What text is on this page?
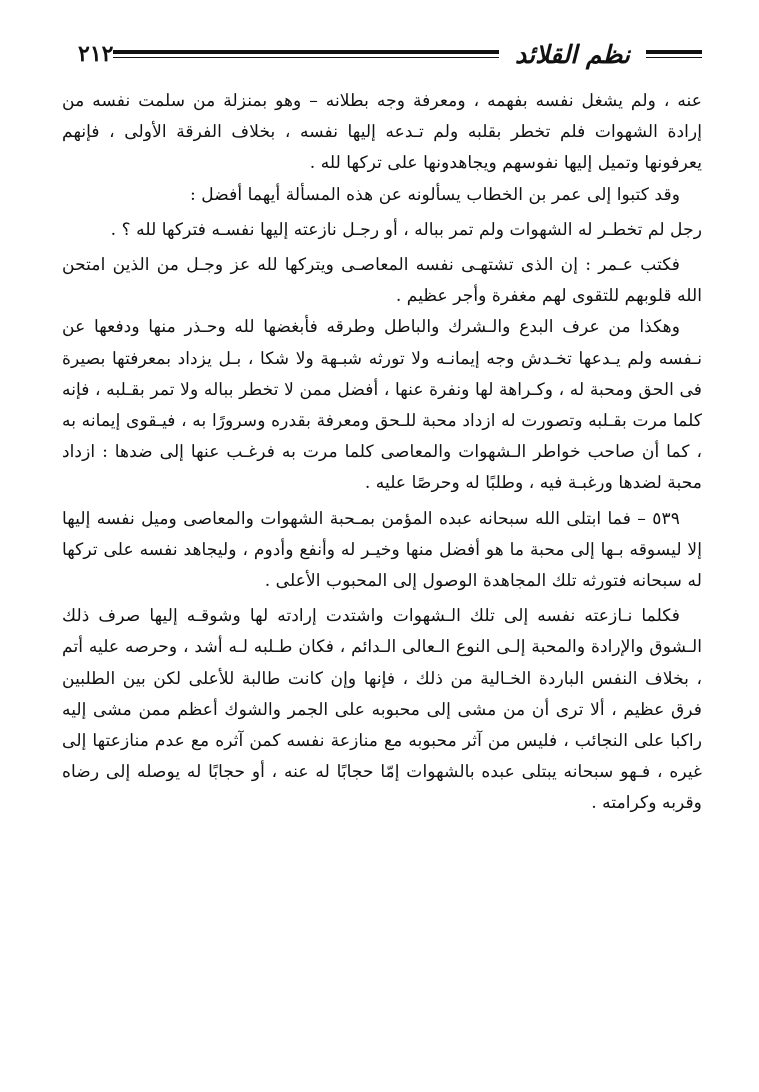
نظم القلائد
٢١٢

عنه ، ولم يشغل نفسه بفهمه ، ومعرفة وجه بطلانه – وهو بمنزلة من سلمت نفسه من إرادة الشهوات فلم تخطر بقلبه ولم تـدعه إليها نفسه ، بخلاف الفرقة الأولى ، فإنهم يعرفونها وتميل إليها نفوسهم ويجاهدونها على تركها لله .

وقد كتبوا إلى عمر بن الخطاب يسألونه عن هذه المسألة أيهما أفضل :

رجل لم تخطـر له الشهوات ولم تمر بباله ، أو رجـل نازعته إليها نفسـه فتركها لله ؟ .

فكتب عـمر : إن الذى تشتهـى نفسه المعاصـى ويتركها لله عز وجـل من الذين امتحن الله قلوبهم للتقوى لهم مغفرة وأجر عظيم .

وهكذا من عرف البدع والـشرك والباطل وطرقه فأبغضها لله وحـذر منها ودفعها عن نـفسه ولم يـدعها تخـدش وجه إيمانـه ولا تورثه شبـهة ولا شكا ، بـل يزداد بمعرفتها بصيرة فى الحق ومحبة له ، وكـراهة لها ونفرة عنها ، أفضل ممن لا تخطر بباله ولا تمر بقـلبه ، فإنه كلما مرت بقـلبه وتصورت له ازداد محبة للـحق ومعرفة بقدره وسرورًا به ، فيـقوى إيمانه به ، كما أن صاحب خواطر الـشهوات والمعاصى كلما مرت به فرغـب عنها إلى ضدها : ازداد محبة لضدها ورغبـة فيه ، وطلبًا له وحرصًا عليه .

٥٣٩ – فما ابتلى الله سبحانه عبده المؤمن بمـحبة الشهوات والمعاصى وميل نفسه إليها إلا ليسوقه بـها إلى محبة ما هو أفضل منها وخيـر له وأنفع وأدوم ، وليجاهد نفسه على تركها له سبحانه فتورثه تلك المجاهدة الوصول إلى المحبوب الأعلى .

فكلما نـازعته نفسه إلى تلك الـشهوات واشتدت إرادته لها وشوقـه إليها صرف ذلك الـشوق والإرادة والمحبة إلـى النوع الـعالى الـدائم ، فكان طـلبه لـه أشد ، وحرصه عليه أتم ، بخلاف النفس الباردة الخـالية من ذلك ، فإنها وإن كانت طالبة للأعلى لكن بين الطلبين فرق عظيم ، ألا ترى أن من مشى إلى محبوبه على الجمر والشوك أعظم ممن مشى إليه راكبا على النجائب ، فليس من آثر محبوبه مع منازعة نفسه كمن آثره مع عدم منازعتها إلى غيره ، فـهو سبحانه يبتلى عبده بالشهوات إمّا حجابًا له عنه ، أو حجابًا له يوصله إلى رضاه وقربه وكرامته .
